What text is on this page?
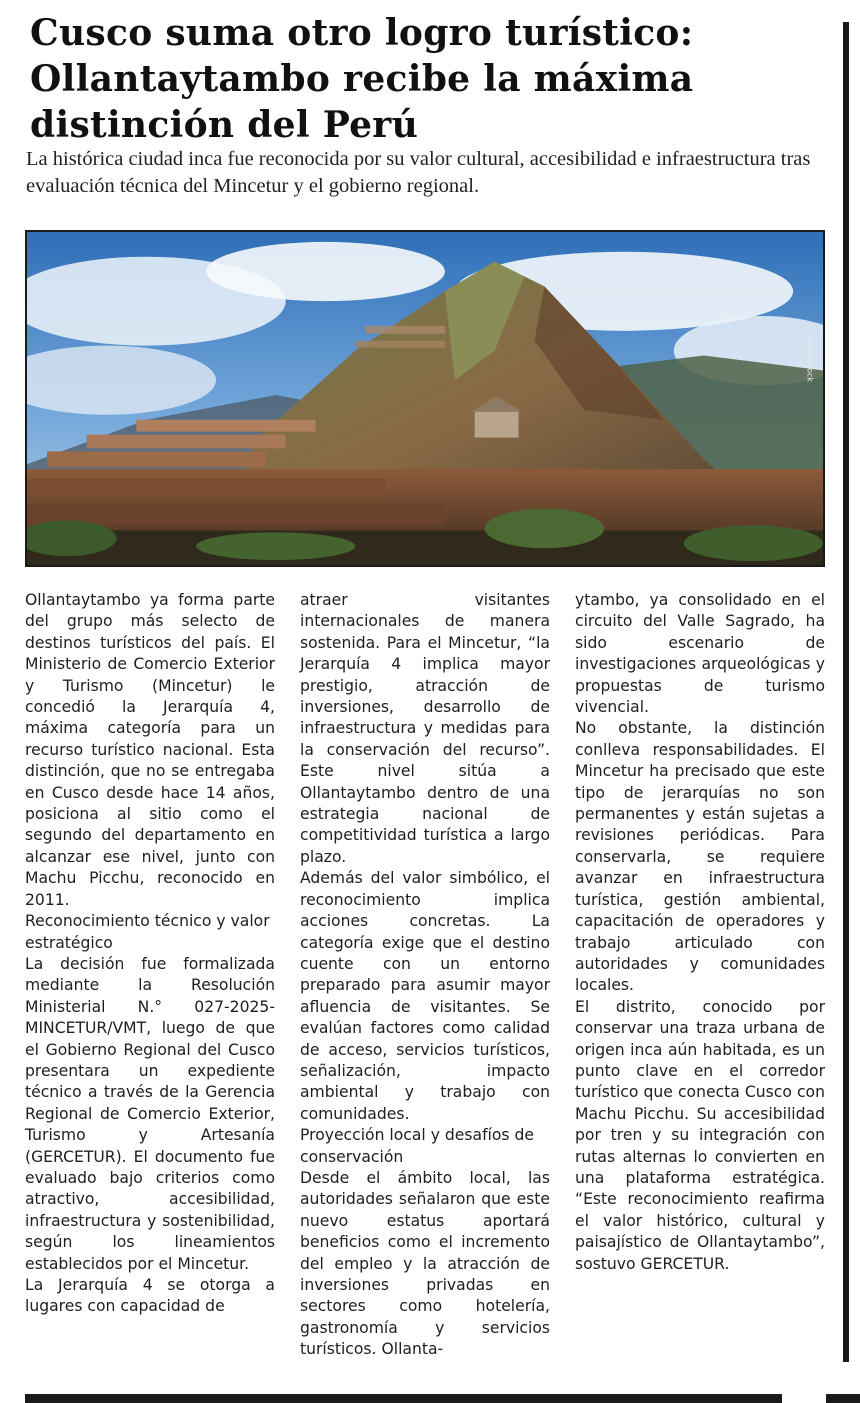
Cusco suma otro logro turístico: Ollantaytambo recibe la máxima distinción del Perú

La histórica ciudad inca fue reconocida por su valor cultural, accesibilidad e infraestructura tras evaluación técnica del Mincetur y el gobierno regional.

© shutterstock

Ollantaytambo ya forma parte del grupo más selecto de destinos turísticos del país. El Ministerio de Comercio Exterior y Turismo (Mincetur) le concedió la Jerarquía 4, máxima categoría para un recurso turístico nacional. Esta distinción, que no se entregaba en Cusco desde hace 14 años, posiciona al sitio como el segundo del departamento en alcanzar ese nivel, junto con Machu Picchu, reconocido en 2011.

Reconocimiento técnico y valor estratégico

La decisión fue formalizada mediante la Resolución Ministerial N.° 027-2025-MINCETUR/VMT, luego de que el Gobierno Regional del Cusco presentara un expediente técnico a través de la Gerencia Regional de Comercio Exterior, Turismo y Artesanía (GERCETUR). El documento fue evaluado bajo criterios como atractivo, accesibilidad, infraestructura y sostenibilidad, según los lineamientos establecidos por el Mincetur.

La Jerarquía 4 se otorga a lugares con capacidad de

atraer visitantes internacionales de manera sostenida. Para el Mincetur, “la Jerarquía 4 implica mayor prestigio, atracción de inversiones, desarrollo de infraestructura y medidas para la conservación del recurso”. Este nivel sitúa a Ollantaytambo dentro de una estrategia nacional de competitividad turística a largo plazo.

Además del valor simbólico, el reconocimiento implica acciones concretas. La categoría exige que el destino cuente con un entorno preparado para asumir mayor afluencia de visitantes. Se evalúan factores como calidad de acceso, servicios turísticos, señalización, impacto ambiental y trabajo con comunidades.

Proyección local y desafíos de conservación

Desde el ámbito local, las autoridades señalaron que este nuevo estatus aportará beneficios como el incremento del empleo y la atracción de inversiones privadas en sectores como hotelería, gastronomía y servicios turísticos. Ollanta-

ytambo, ya consolidado en el circuito del Valle Sagrado, ha sido escenario de investigaciones arqueológicas y propuestas de turismo vivencial.

No obstante, la distinción conlleva responsabilidades. El Mincetur ha precisado que este tipo de jerarquías no son permanentes y están sujetas a revisiones periódicas. Para conservarla, se requiere avanzar en infraestructura turística, gestión ambiental, capacitación de operadores y trabajo articulado con autoridades y comunidades locales.

El distrito, conocido por conservar una traza urbana de origen inca aún habitada, es un punto clave en el corredor turístico que conecta Cusco con Machu Picchu. Su accesibilidad por tren y su integración con rutas alternas lo convierten en una plataforma estratégica. “Este reconocimiento reafirma el valor histórico, cultural y paisajístico de Ollantaytambo”, sostuvo GERCETUR.
